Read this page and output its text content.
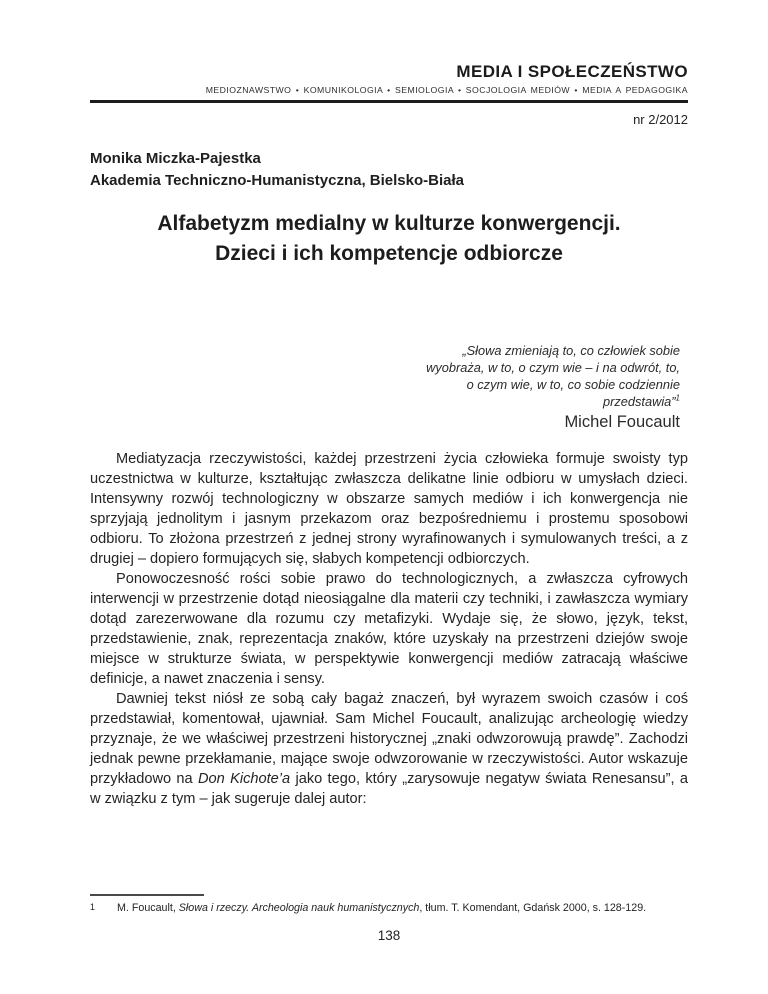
MEDIA I SPOŁECZEŃSTWO
MEDIOZNAWSTWO • KOMUNIKOLOGIA • SEMIOLOGIA • SOCJOLOGIA MEDIÓW • MEDIA A PEDAGOGIKA
nr 2/2012
Monika Miczka-Pajestka
Akademia Techniczno-Humanistyczna, Bielsko-Biała
Alfabetyzm medialny w kulturze konwergencji.
Dzieci i ich kompetencje odbiorcze
„Słowa zmieniają to, co człowiek sobie
wyobraża, w to, o czym wie – i na odwrót, to,
o czym wie, w to, co sobie codziennie
przedstawia”$^1$
Michel Foucault

Mediatyzacja rzeczywistości, każdej przestrzeni życia człowieka formuje swoisty typ uczestnictwa w kulturze, kształtując zwłaszcza delikatne linie odbioru w umysłach dzieci. Intensywny rozwój technologiczny w obszarze samych mediów i ich konwergencja nie sprzyjają jednolitym i jasnym przekazom oraz bezpośredniemu i prostemu sposobowi odbioru. To złożona przestrzeń z jednej strony wyrafinowanych i symulowanych treści, a z drugiej – dopiero formujących się, słabych kompetencji odbiorczych.

Ponowoczesność rości sobie prawo do technologicznych, a zwłaszcza cyfrowych interwencji w przestrzenie dotąd nieosiągalne dla materii czy techniki, i zawłaszcza wymiary dotąd zarezerwowane dla rozumu czy metafizyki. Wydaje się, że słowo, język, tekst, przedstawienie, znak, reprezentacja znaków, które uzyskały na przestrzeni dziejów swoje miejsce w strukturze świata, w perspektywie konwergencji mediów zatracają właściwe definicje, a nawet znaczenia i sensy.

Dawniej tekst niósł ze sobą cały bagaż znaczeń, był wyrazem swoich czasów i coś przedstawiał, komentował, ujawniał. Sam Michel Foucault, analizując archeologię wiedzy przyznaje, że we właściwej przestrzeni historycznej „znaki odwzorowują prawdę”. Zachodzi jednak pewne przekłamanie, mające swoje odwzorowanie w rzeczywistości. Autor wskazuje przykładowo na Don Kichote’a jako tego, który „zarysowuje negatyw świata Renesansu”, a w związku z tym – jak sugeruje dalej autor:

1	M. Foucault, Słowa i rzeczy. Archeologia nauk humanistycznych, tłum. T. Komendant, Gdańsk 2000, s. 128-129.
138
